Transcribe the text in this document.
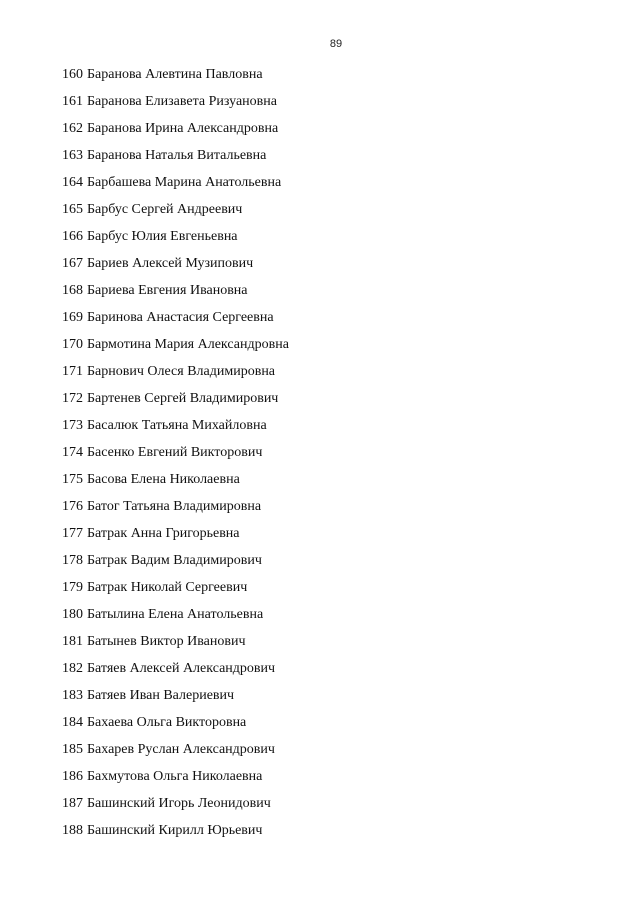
89
160 Баранова Алевтина Павловна
161 Баранова Елизавета Ризуановна
162 Баранова Ирина Александровна
163 Баранова Наталья Витальевна
164 Барбашева Марина Анатольевна
165 Барбус Сергей Андреевич
166 Барбус Юлия Евгеньевна
167 Бариев Алексей Музипович
168 Бариева Евгения Ивановна
169 Баринова Анастасия Сергеевна
170 Бармотина Мария Александровна
171 Барнович Олеся Владимировна
172 Бартенев Сергей Владимирович
173 Басалюк Татьяна Михайловна
174 Басенко Евгений Викторович
175 Басова Елена Николаевна
176 Батог Татьяна Владимировна
177 Батрак Анна Григорьевна
178 Батрак Вадим Владимирович
179 Батрак Николай Сергеевич
180 Батылина Елена Анатольевна
181 Батынев Виктор Иванович
182 Батяев Алексей Александрович
183 Батяев Иван Валериевич
184 Бахаева Ольга Викторовна
185 Бахарев Руслан Александрович
186 Бахмутова Ольга Николаевна
187 Башинский Игорь Леонидович
188 Башинский Кирилл Юрьевич
